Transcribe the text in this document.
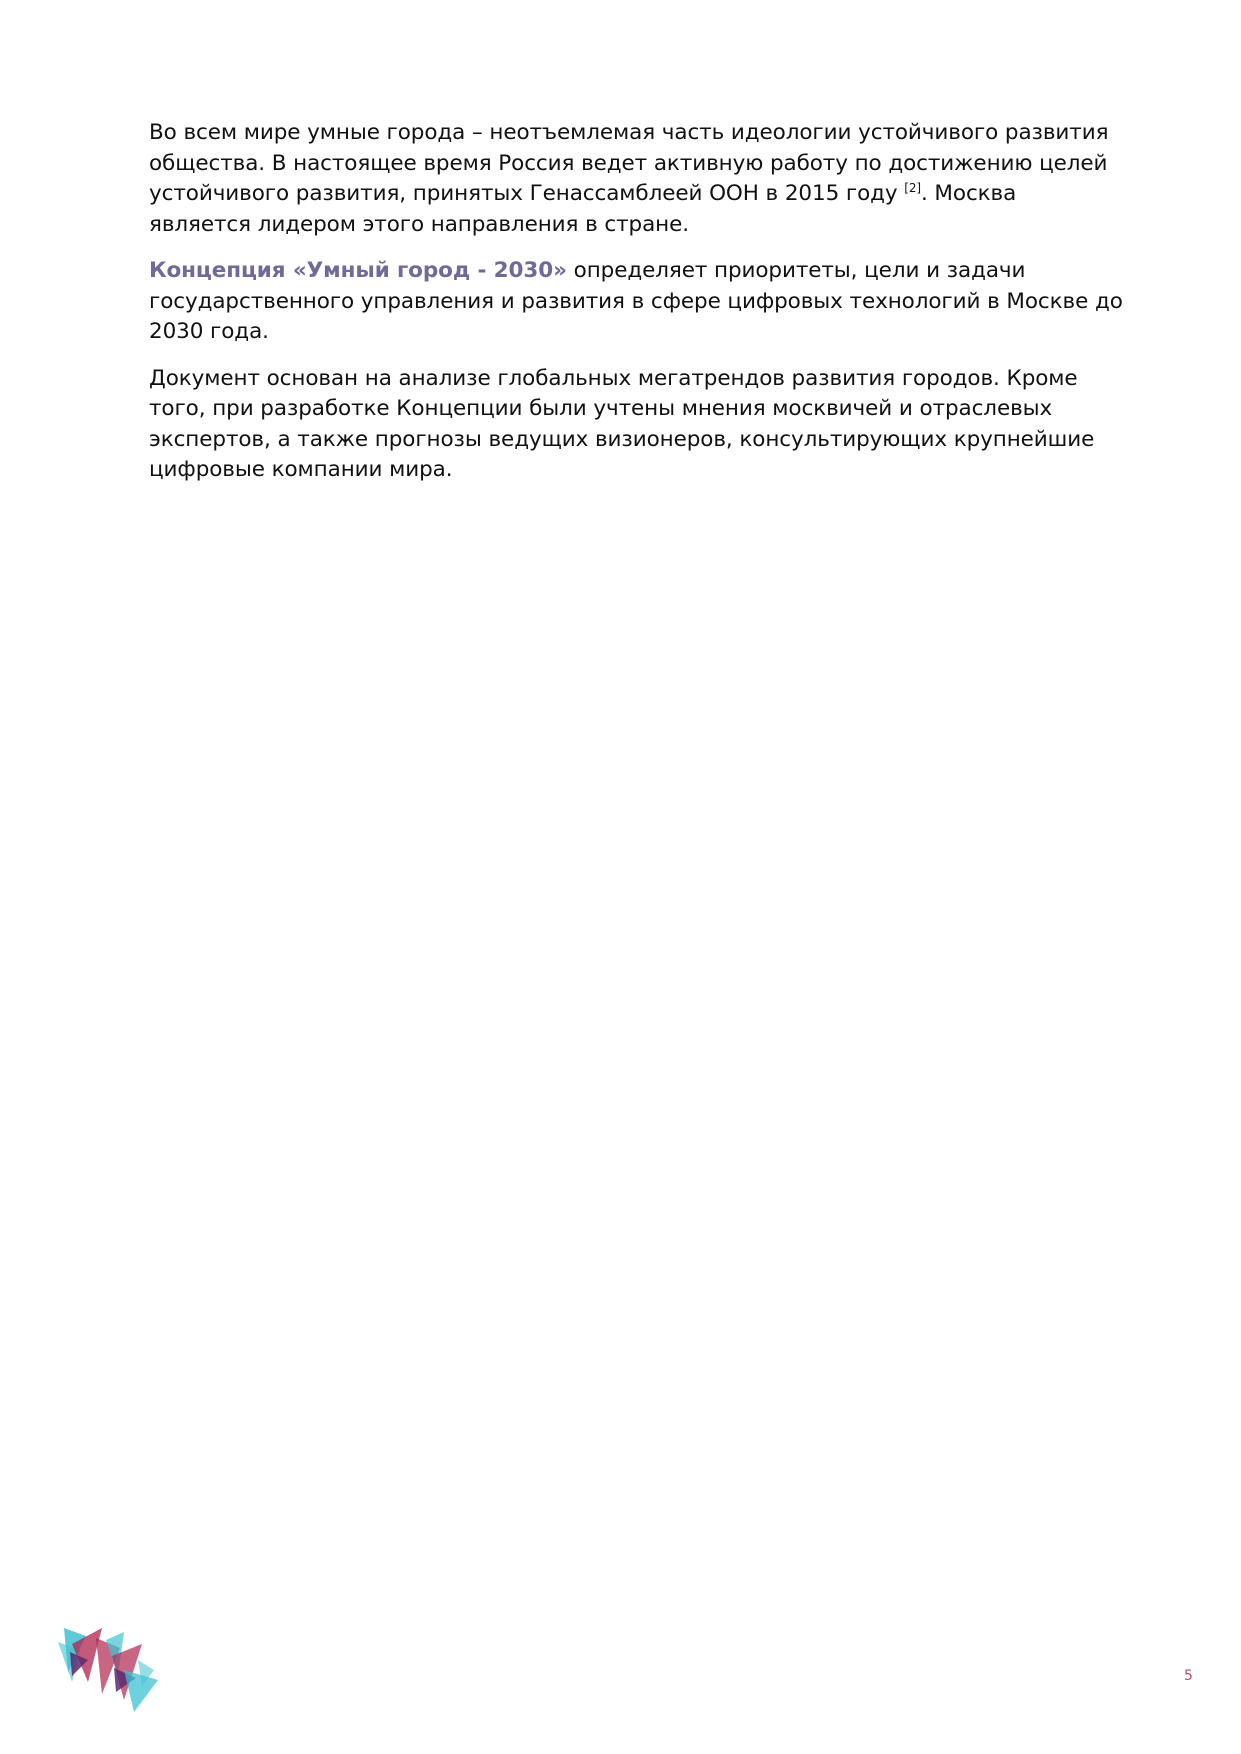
Во всем мире умные города – неотъемлемая часть идеологии устойчивого развития общества. В настоящее время Россия ведет активную работу по достижению целей устойчивого развития, принятых Генассамблеей ООН в 2015 году [2]. Москва является лидером этого направления в стране.

Концепция «Умный город - 2030» определяет приоритеты, цели и задачи государственного управления и развития в сфере цифровых технологий в Москве до 2030 года.

Документ основан на анализе глобальных мегатрендов развития городов. Кроме того, при разработке Концепции были учтены мнения москвичей и отраслевых экспертов, а также прогнозы ведущих визионеров, консультирующих крупнейшие цифровые компании мира.

5
